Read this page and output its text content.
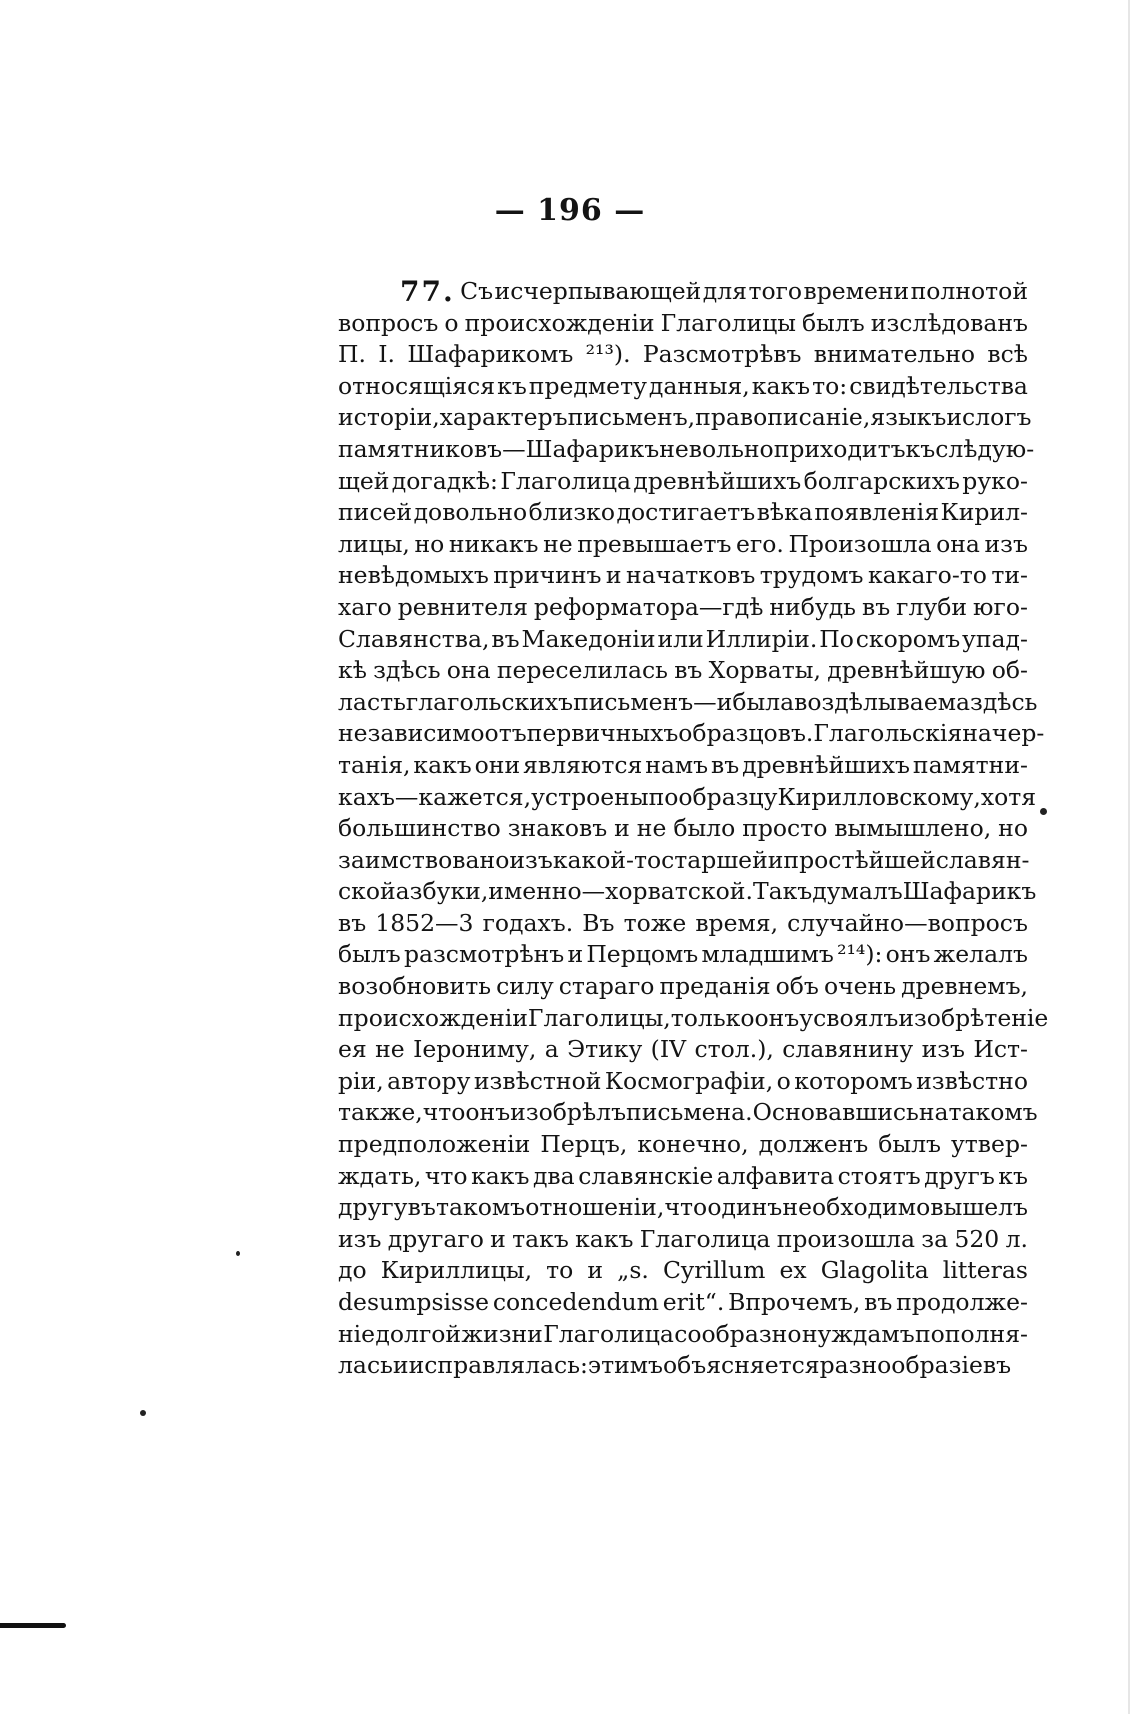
— 196 —
77. Съ исчерпывающей для того времени полнотой
вопросъ о происхожденіи Глаголицы былъ изслѣдованъ
П. І. Шафарикомъ ²¹³). Разсмотрѣвъ внимательно всѣ
относящіяся къ предмету данныя, какъ то: свидѣтельства
исторіи, характеръ письменъ, правописаніе, языкъ и слогъ
памятниковъ—Шафарикъ невольно приходитъ къ слѣдую-
щей догадкѣ: Глаголица древнѣйшихъ болгарскихъ руко-
писей довольно близко достигаетъ вѣка появленія Кирил-
лицы, но никакъ не превышаетъ его. Произошла она изъ
невѣдомыхъ причинъ и начатковъ трудомъ какаго-то ти-
хаго ревнителя реформатора—гдѣ нибудь въ глуби юго-
Славянства, въ Македоніи или Иллиріи. По скоромъ упад-
кѣ здѣсь она переселилась въ Хорваты, древнѣйшую об-
ласть глагольскихъ письменъ—и была воздѣлываема здѣсь
независимо отъ первичныхъ образцовъ. Глагольскія начер-
танія, какъ они являются намъ въ древнѣйшихъ памятни-
кахъ—кажется, устроены по образцу Кирилловскому, хотя
большинство знаковъ и не было просто вымышлено, но
заимствовано изъ какой-то старшей и простѣйшей славян-
ской азбуки, именно—хорватской. Такъ думалъ Шафарикъ
въ 1852—3 годахъ. Въ тоже время, случайно—вопросъ
былъ разсмотрѣнъ и Перцомъ младшимъ ²¹⁴): онъ желалъ
возобновить силу стараго преданія объ очень древнемъ,
происхожденіи Глаголицы, только онъ усвоялъ изобрѣтеніе
ея не Іерониму, а Этику (IV стол.), славянину изъ Ист-
ріи, автору извѣстной Космографіи, о которомъ извѣстно
также, что онъ изобрѣлъ письмена. Основавшись на такомъ
предположеніи Перцъ, конечно, долженъ былъ утвер-
ждать, что какъ два славянскіе алфавита стоятъ другъ къ
другу въ такомъ отношеніи, что одинъ необходимо вышелъ
изъ другаго и такъ какъ Глаголица произошла за 520 л.
до Кириллицы, то и „s. Cyrillum ex Glagolita litteras
desumpsisse concedendum erit“. Впрочемъ, въ продолже-
ніе долгой жизни Глаголица сообразно нуждамъ пополня-
лась и исправлялась: этимъ объясняется разнообразіе въ
